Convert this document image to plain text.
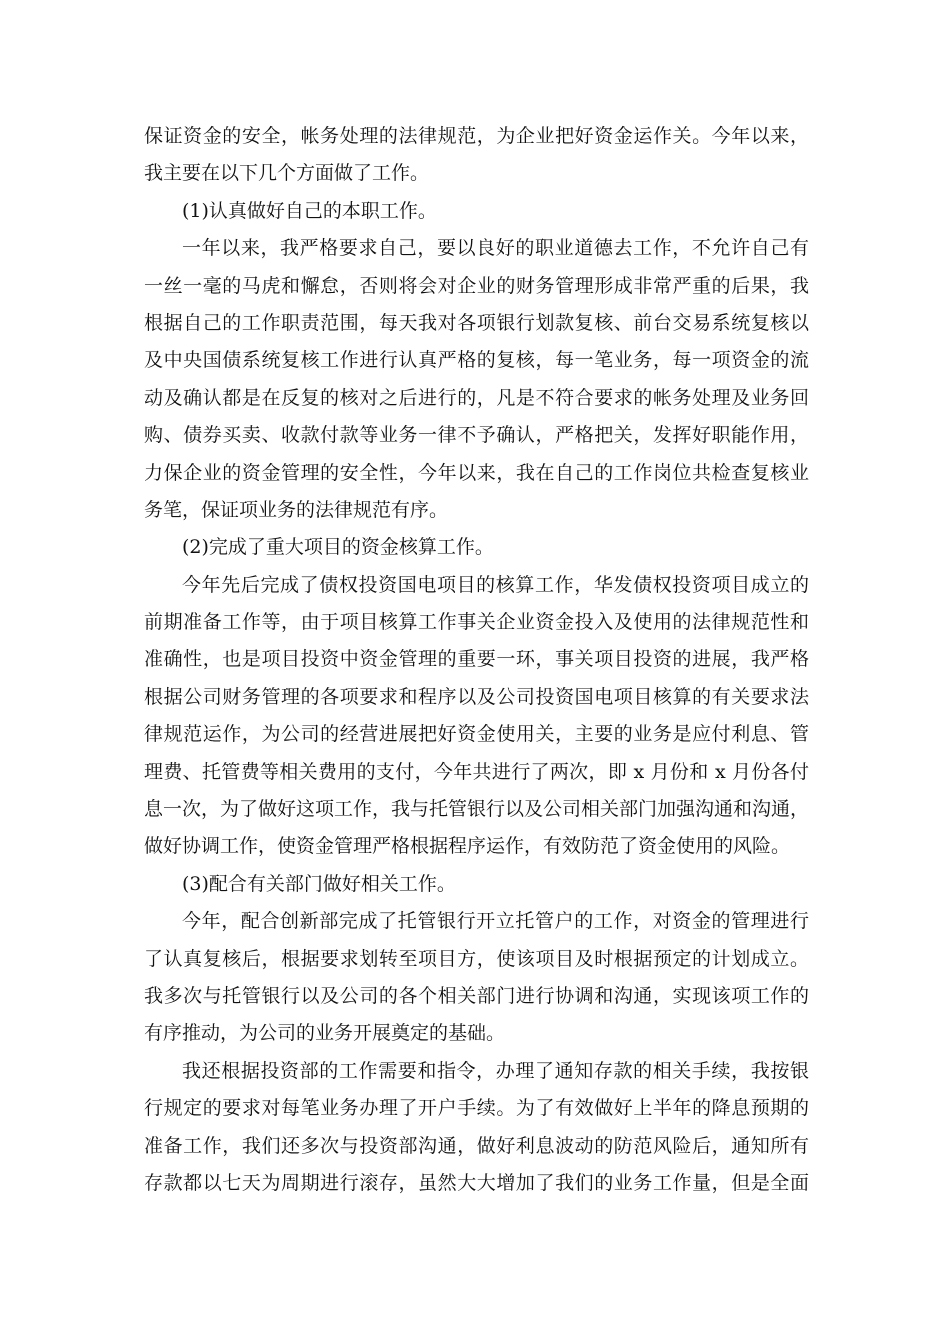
保证资金的安全，帐务处理的法律规范，为企业把好资金运作关。今年以来，
我主要在以下几个方面做了工作。
(1)认真做好自己的本职工作。
一年以来，我严格要求自己，要以良好的职业道德去工作，不允许自己有
一丝一毫的马虎和懈怠，否则将会对企业的财务管理形成非常严重的后果，我
根据自己的工作职责范围，每天我对各项银行划款复核、前台交易系统复核以
及中央国债系统复核工作进行认真严格的复核，每一笔业务，每一项资金的流
动及确认都是在反复的核对之后进行的，凡是不符合要求的帐务处理及业务回
购、债券买卖、收款付款等业务一律不予确认，严格把关，发挥好职能作用，
力保企业的资金管理的安全性，今年以来，我在自己的工作岗位共检查复核业
务笔，保证项业务的法律规范有序。
(2)完成了重大项目的资金核算工作。
今年先后完成了债权投资国电项目的核算工作，华发债权投资项目成立的
前期准备工作等，由于项目核算工作事关企业资金投入及使用的法律规范性和
准确性，也是项目投资中资金管理的重要一环，事关项目投资的进展，我严格
根据公司财务管理的各项要求和程序以及公司投资国电项目核算的有关要求法
律规范运作，为公司的经营进展把好资金使用关，主要的业务是应付利息、管
理费、托管费等相关费用的支付，今年共进行了两次，即 x 月份和 x 月份各付
息一次，为了做好这项工作，我与托管银行以及公司相关部门加强沟通和沟通，
做好协调工作，使资金管理严格根据程序运作，有效防范了资金使用的风险。
(3)配合有关部门做好相关工作。
今年，配合创新部完成了托管银行开立托管户的工作，对资金的管理进行
了认真复核后，根据要求划转至项目方，使该项目及时根据预定的计划成立。
我多次与托管银行以及公司的各个相关部门进行协调和沟通，实现该项工作的
有序推动，为公司的业务开展奠定的基础。
我还根据投资部的工作需要和指令，办理了通知存款的相关手续，我按银
行规定的要求对每笔业务办理了开户手续。为了有效做好上半年的降息预期的
准备工作，我们还多次与投资部沟通，做好利息波动的防范风险后，通知所有
存款都以七天为周期进行滚存，虽然大大增加了我们的业务工作量，但是全面
